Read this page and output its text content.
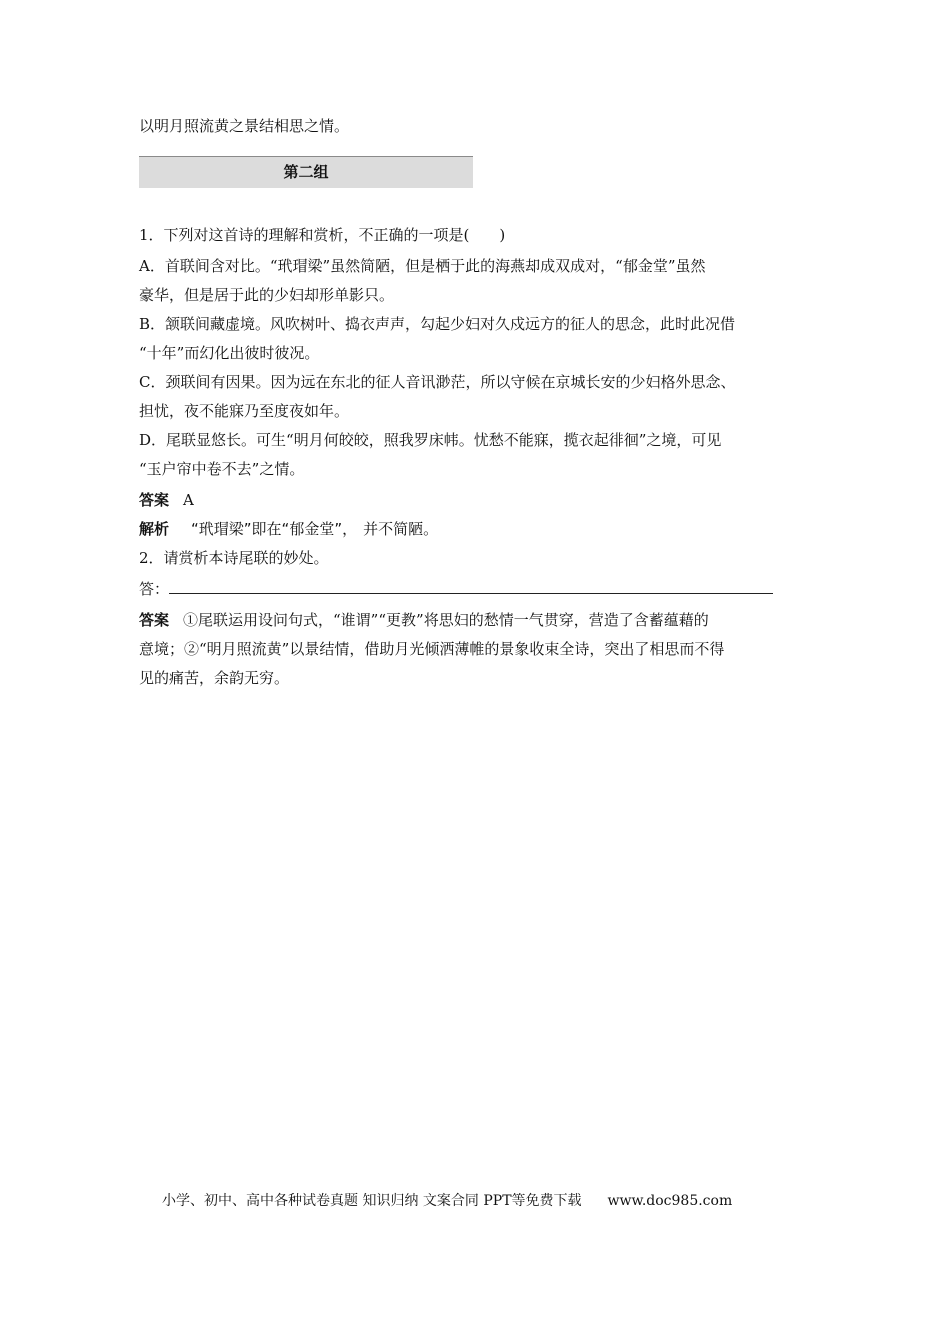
以明月照流黄之景结相思之情。
第二组
1．下列对这首诗的理解和赏析，不正确的一项是(　　)
A．首联间含对比。“玳瑁梁”虽然简陋，但是栖于此的海燕却成双成对，“郁金堂”虽然
豪华，但是居于此的少妇却形单影只。
B．颔联间藏虚境。风吹树叶、捣衣声声，勾起少妇对久戍远方的征人的思念，此时此况借
“十年”而幻化出彼时彼况。
C．颈联间有因果。因为远在东北的征人音讯渺茫，所以守候在京城长安的少妇格外思念、
担忧，夜不能寐乃至度夜如年。
D．尾联显悠长。可生“明月何皎皎，照我罗床帏。忧愁不能寐，揽衣起徘徊”之境，可见
“玉户帘中卷不去”之情。
答案 A
解析 “玳瑁梁”即在“郁金堂”， 并不简陋。
2．请赏析本诗尾联的妙处。
答：
答案 ①尾联运用设问句式，“谁谓”“更教”将思妇的愁情一气贯穿，营造了含蓄蕴藉的
意境；②“明月照流黄”以景结情，借助月光倾洒薄帷的景象收束全诗，突出了相思而不得
见的痛苦，余韵无穷。
小学、初中、高中各种试卷真题 知识归纳 文案合同 PPT等免费下载 www.doc985.com
